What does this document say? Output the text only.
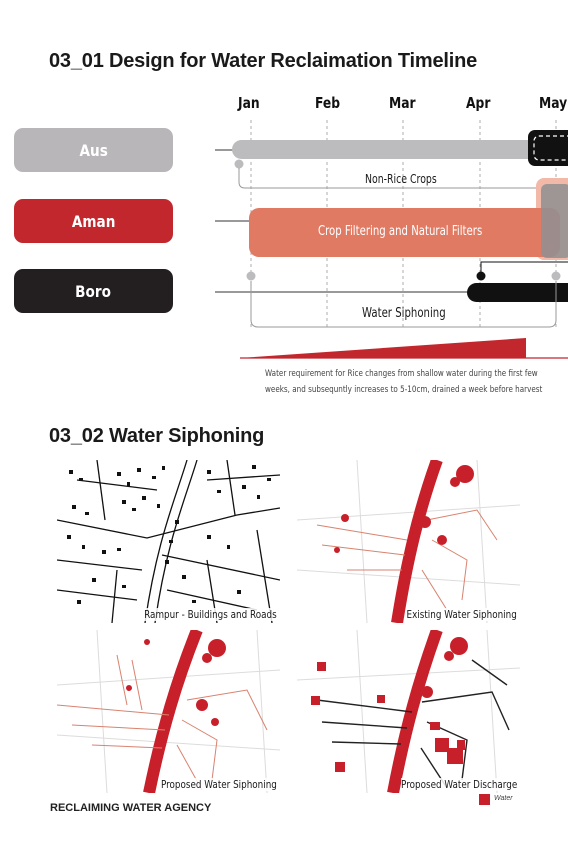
03_01 Design for Water Reclaimation Timeline
Jan	Feb	Mar	Apr	May
Aus
Aman
Boro
Non-Rice Crops
Crop Filtering and Natural Filters
Water Siphoning
Water requirement for Rice changes from shallow water during the first few
weeks, and subsequntly increases to 5-10cm, drained a week before harvest
03_02 Water Siphoning
Rampur - Buildings and Roads	Existing Water Siphoning
Proposed Water Siphoning	Proposed Water Discharge
RECLAIMING WATER AGENCY
Water
